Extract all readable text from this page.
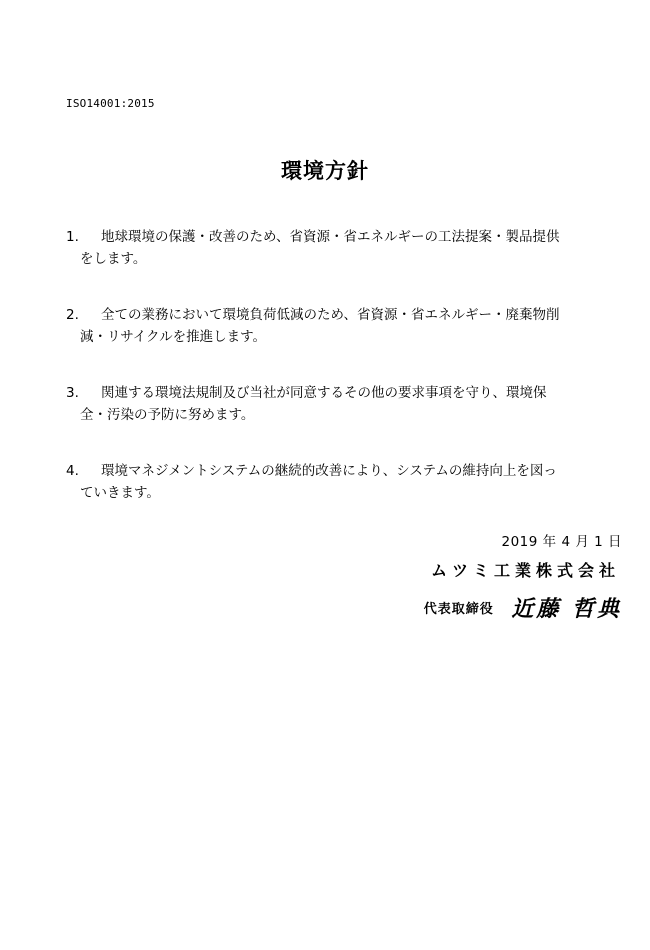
ISO14001:2015
環境方針
1.	地球環境の保護・改善のため、省資源・省エネルギーの工法提案・製品提供をします。
2.	全ての業務において環境負荷低減のため、省資源・省エネルギー・廃棄物削減・リサイクルを推進します。
3.	関連する環境法規制及び当社が同意するその他の要求事項を守り、環境保全・汚染の予防に努めます。
4.	環境マネジメントシステムの継続的改善により、システムの維持向上を図っていきます。
2019 年 4 月 1 日
ムツミ工業株式会社
代表取締役 近藤 哲典
